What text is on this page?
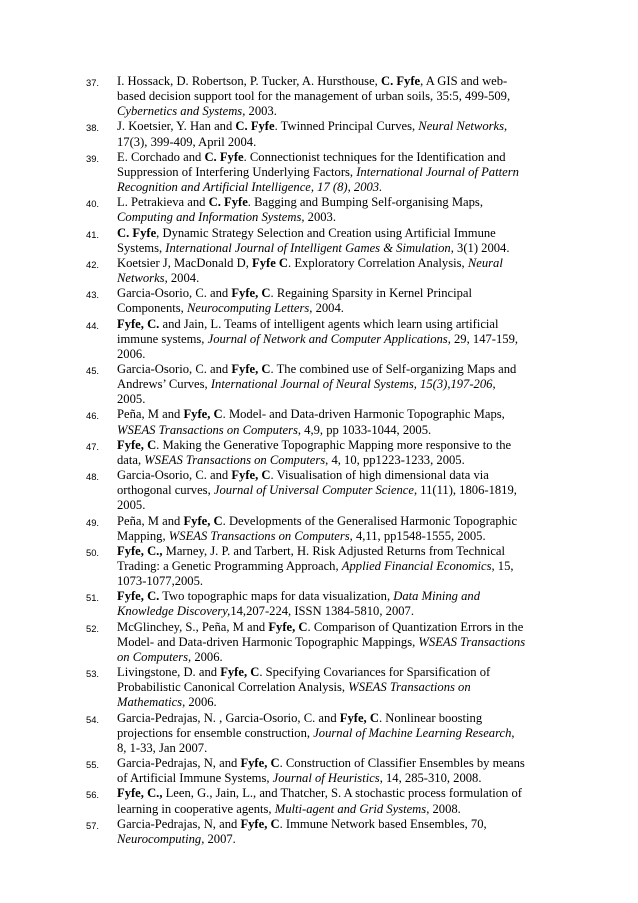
37. I. Hossack, D. Robertson, P. Tucker, A. Hursthouse, C. Fyfe, A GIS and web-based decision support tool for the management of urban soils, 35:5, 499-509, Cybernetics and Systems, 2003.
38. J. Koetsier, Y. Han and C. Fyfe. Twinned Principal Curves, Neural Networks, 17(3), 399-409, April 2004.
39. E. Corchado and C. Fyfe. Connectionist techniques for the Identification and Suppression of Interfering Underlying Factors, International Journal of Pattern Recognition and Artificial Intelligence, 17 (8), 2003.
40. L. Petrakieva and C. Fyfe. Bagging and Bumping Self-organising Maps, Computing and Information Systems, 2003.
41. C. Fyfe, Dynamic Strategy Selection and Creation using Artificial Immune Systems, International Journal of Intelligent Games & Simulation, 3(1) 2004.
42. Koetsier J, MacDonald D, Fyfe C. Exploratory Correlation Analysis, Neural Networks, 2004.
43. Garcia-Osorio, C. and Fyfe, C. Regaining Sparsity in Kernel Principal Components, Neurocomputing Letters, 2004.
44. Fyfe, C. and Jain, L. Teams of intelligent agents which learn using artificial immune systems, Journal of Network and Computer Applications, 29, 147-159, 2006.
45. Garcia-Osorio, C. and Fyfe, C. The combined use of Self-organizing Maps and Andrews’ Curves, International Journal of Neural Systems, 15(3),197-206, 2005.
46. Peña, M and Fyfe, C. Model- and Data-driven Harmonic Topographic Maps, WSEAS Transactions on Computers, 4,9, pp 1033-1044, 2005.
47. Fyfe, C. Making the Generative Topographic Mapping more responsive to the data, WSEAS Transactions on Computers, 4, 10, pp1223-1233, 2005.
48. Garcia-Osorio, C. and Fyfe, C. Visualisation of high dimensional data via orthogonal curves, Journal of Universal Computer Science, 11(11), 1806-1819, 2005.
49. Peña, M and Fyfe, C. Developments of the Generalised Harmonic Topographic Mapping, WSEAS Transactions on Computers, 4,11, pp1548-1555, 2005.
50. Fyfe, C., Marney, J. P. and Tarbert, H. Risk Adjusted Returns from Technical Trading: a Genetic Programming Approach, Applied Financial Economics, 15, 1073-1077,2005.
51. Fyfe, C. Two topographic maps for data visualization, Data Mining and Knowledge Discovery,14,207-224, ISSN 1384-5810, 2007.
52. McGlinchey, S., Peña, M and Fyfe, C. Comparison of Quantization Errors in the Model- and Data-driven Harmonic Topographic Mappings, WSEAS Transactions on Computers, 2006.
53. Livingstone, D. and Fyfe, C. Specifying Covariances for Sparsification of Probabilistic Canonical Correlation Analysis, WSEAS Transactions on Mathematics, 2006.
54. Garcia-Pedrajas, N. , Garcia-Osorio, C. and Fyfe, C. Nonlinear boosting projections for ensemble construction, Journal of Machine Learning Research, 8, 1-33, Jan 2007.
55. Garcia-Pedrajas, N, and Fyfe, C. Construction of Classifier Ensembles by means of Artificial Immune Systems, Journal of Heuristics, 14, 285-310, 2008.
56. Fyfe, C., Leen, G., Jain, L., and Thatcher, S. A stochastic process formulation of learning in cooperative agents, Multi-agent and Grid Systems, 2008.
57. Garcia-Pedrajas, N, and Fyfe, C. Immune Network based Ensembles, 70, Neurocomputing, 2007.
